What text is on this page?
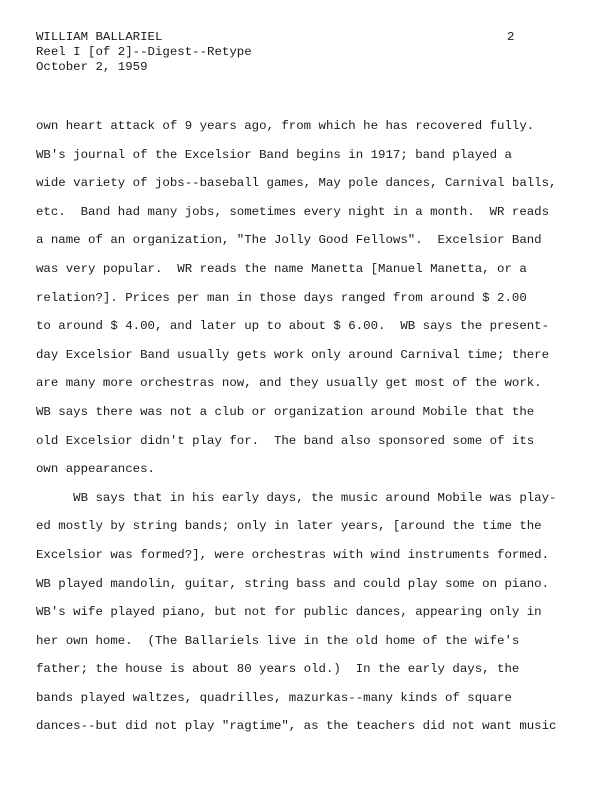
WILLIAM BALLARIEL
Reel I [of 2]--Digest--Retype
October 2, 1959
2
own heart attack of 9 years ago, from which he has recovered fully.
WB's journal of the Excelsior Band begins in 1917; band played a
wide variety of jobs--baseball games, May pole dances, Carnival balls,
etc.  Band had many jobs, sometimes every night in a month.  WR reads
a name of an organization, "The Jolly Good Fellows".  Excelsior Band
was very popular.  WR reads the name Manetta [Manuel Manetta, or a
relation?]. Prices per man in those days ranged from around $ 2.00
to around $ 4.00, and later up to about $ 6.00.  WB says the present-
day Excelsior Band usually gets work only around Carnival time; there
are many more orchestras now, and they usually get most of the work.
WB says there was not a club or organization around Mobile that the
old Excelsior didn't play for.  The band also sponsored some of its
own appearances.
WB says that in his early days, the music around Mobile was play-
ed mostly by string bands; only in later years, [around the time the
Excelsior was formed?], were orchestras with wind instruments formed.
WB played mandolin, guitar, string bass and could play some on piano.
WB's wife played piano, but not for public dances, appearing only in
her own home.  (The Ballariels live in the old home of the wife's
father; the house is about 80 years old.)  In the early days, the
bands played waltzes, quadrilles, mazurkas--many kinds of square
dances--but did not play "ragtime", as the teachers did not want music
